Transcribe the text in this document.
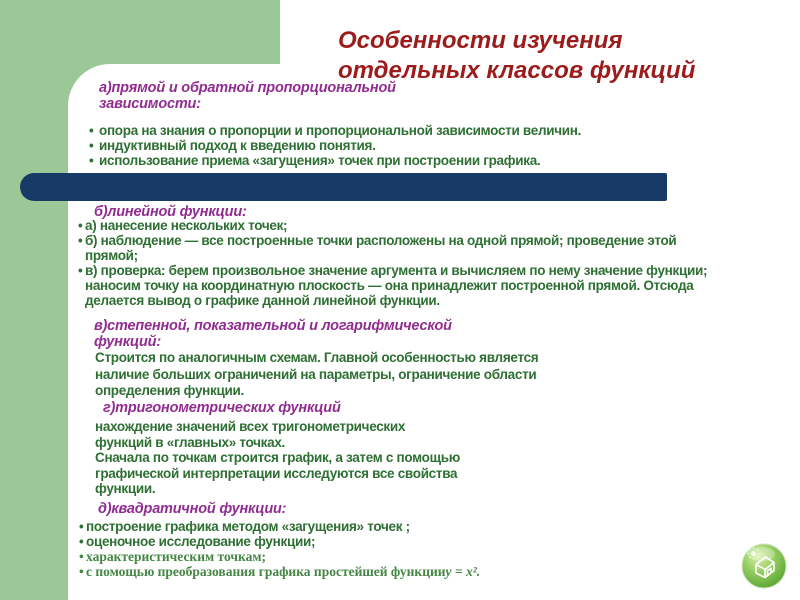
Особенности изучения
отдельных классов функций
а)прямой и обратной пропорциональной
зависимости:
• опора на знания о пропорции и пропорциональной зависимости величин.
• индуктивный подход к введению понятия.
• использование приема «загущения» точек при построении графика.
б)линейной функции:
• а) нанесение нескольких точек;
• б) наблюдение — все построенные точки расположены на одной прямой; проведение этой
прямой;
• в) проверка: берем произвольное значение аргумента и вычисляем по нему значение функции;
наносим точку на координатную плоскость — она принадлежит построенной прямой. Отсюда
делается вывод о графике данной линейной функции.
в)степенной, показательной и логарифмической
функций:
Строится по аналогичным схемам. Главной особенностью является
наличие больших ограничений на параметры, ограничение области
определения функции.
г)тригонометрических функций
нахождение значений всех тригонометрических
функций в «главных» точках.
Сначала по точкам строится график, а затем с помощью
графической интерпретации исследуются все свойства
функции.
д)квадратичной функции:
• построение графика методом «загущения» точек ;
• оценочное исследование функции;
• характеристическим точкам;
• с помощью преобразования графика простейшей функции y = x².
